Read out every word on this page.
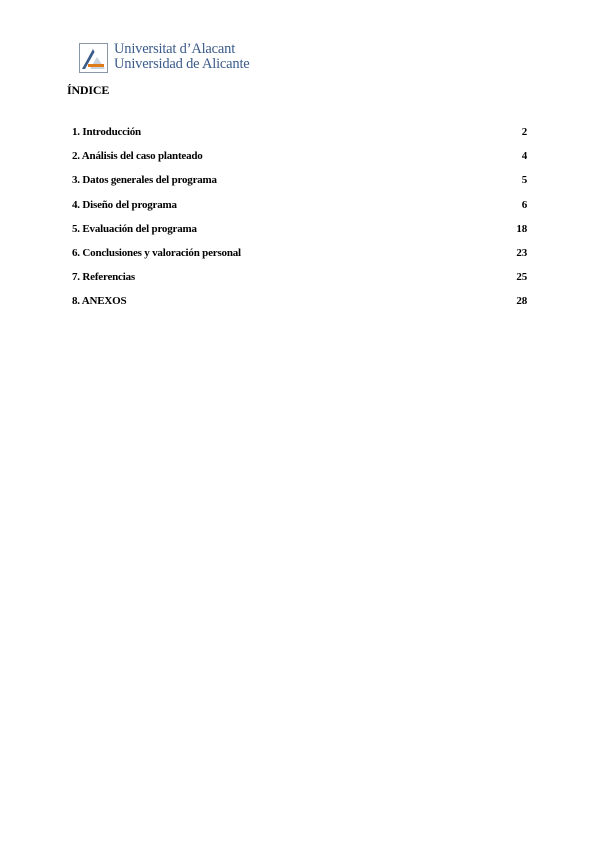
Universitat d’Alacant
Universidad de Alicante
ÍNDICE
1. Introducción	2
2. Análisis del caso planteado	4
3. Datos generales del programa	5
4. Diseño del programa	6
5. Evaluación del programa	18
6. Conclusiones y valoración personal	23
7. Referencias	25
8. ANEXOS	28
